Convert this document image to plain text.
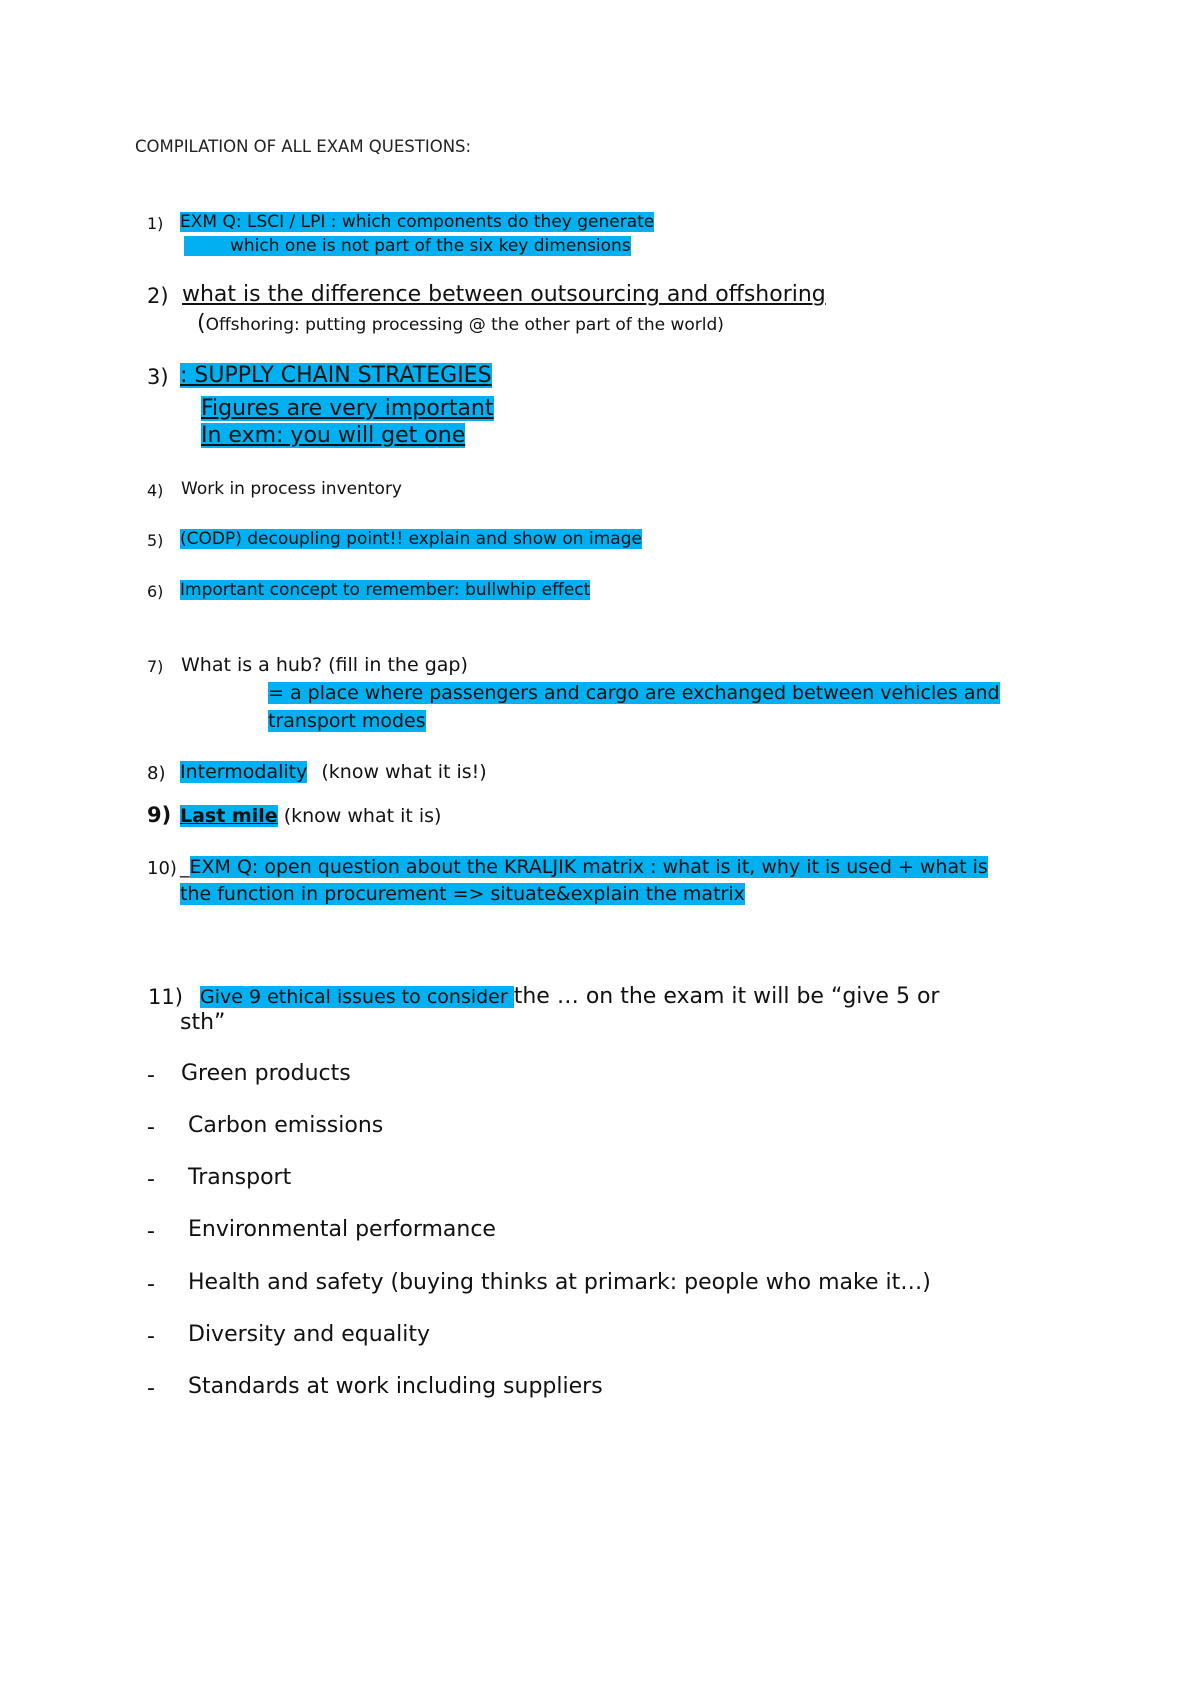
COMPILATION OF ALL EXAM QUESTIONS:
1) EXM Q: LSCI / LPI : which components do they generate
which one is not part of the six key dimensions
2) what is the difference between outsourcing and offshoring
(Offshoring: putting processing @ the other part of the world)
3) : SUPPLY CHAIN STRATEGIES
Figures are very important
In exm: you will get one
4) Work in process inventory
5) (CODP) decoupling point!! explain and show on image
6) Important concept to remember: bullwhip effect
7) What is a hub? (fill in the gap)
= a place where passengers and cargo are exchanged between vehicles and
transport modes
8) Intermodality (know what it is!)
9) Last mile (know what it is)
10) _EXM Q: open question about the KRALJIK matrix : what is it, why it is used + what is
the function in procurement => situate&explain the matrix
11) Give 9 ethical issues to consider the … on the exam it will be “give 5 or
sth”
- Green products
- Carbon emissions
- Transport
- Environmental performance
- Health and safety (buying thinks at primark: people who make it…)
- Diversity and equality
- Standards at work including suppliers
